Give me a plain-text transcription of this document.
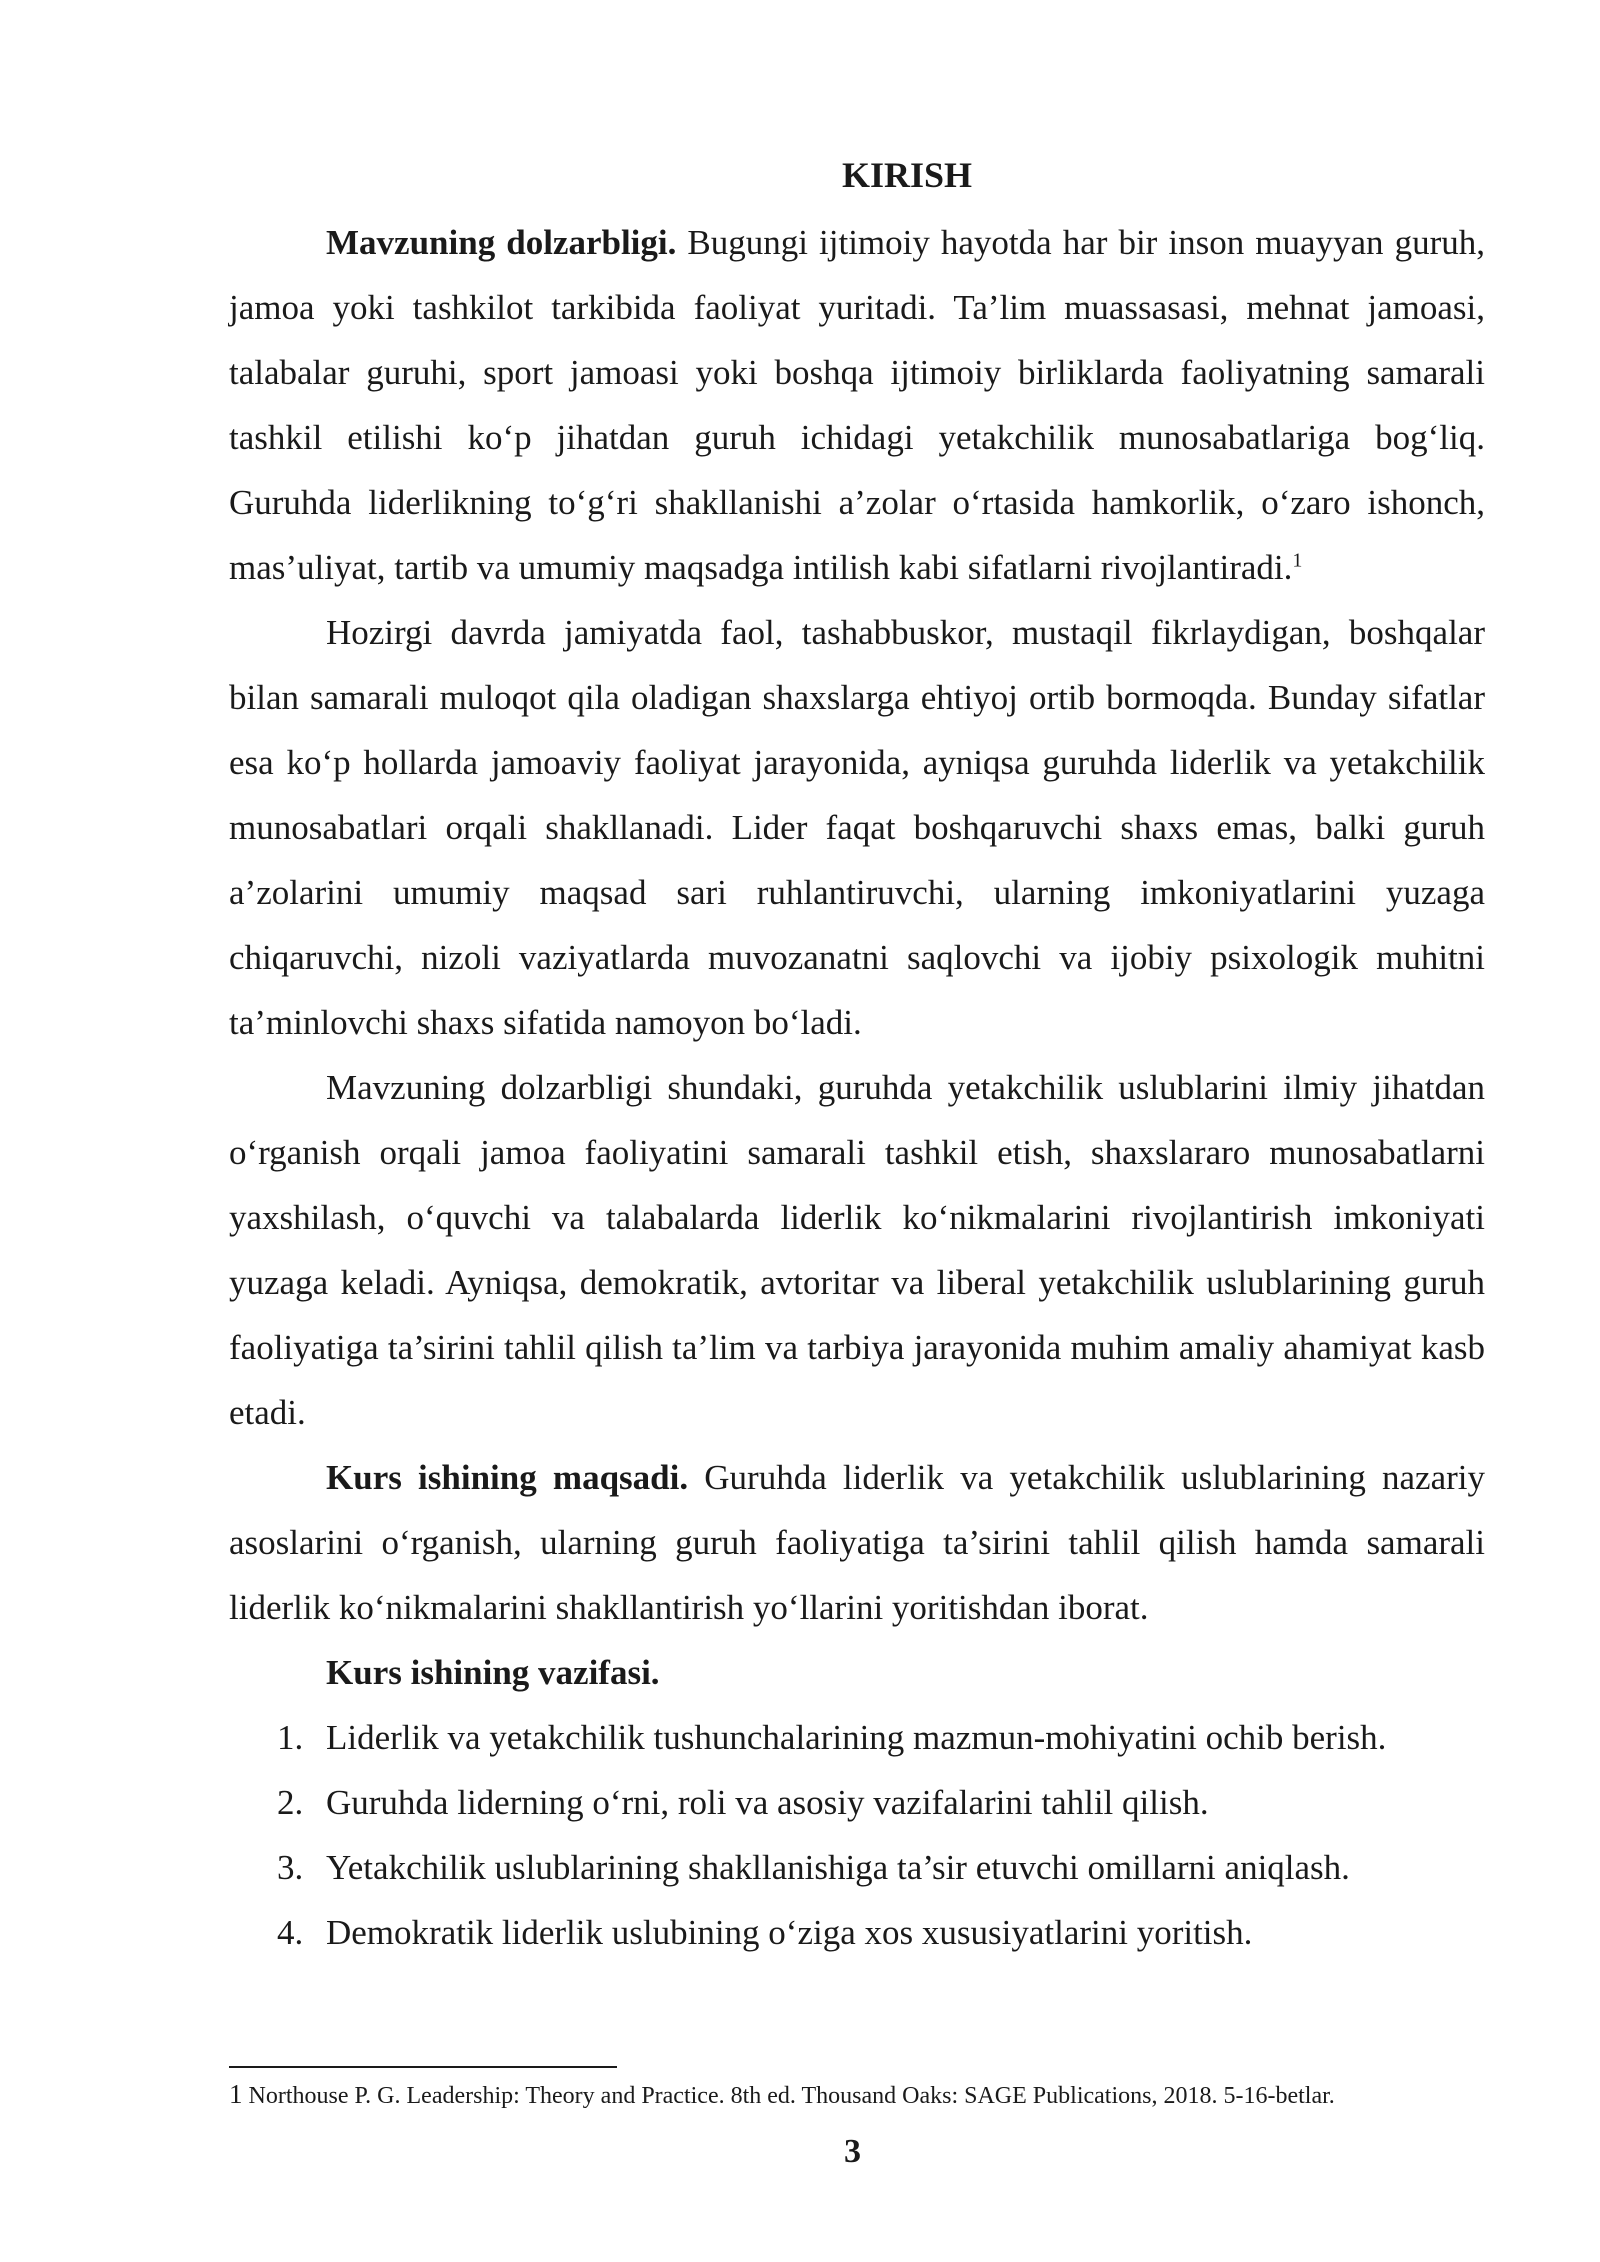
KIRISH

Mavzuning dolzarbligi. Bugungi ijtimoiy hayotda har bir inson muayyan guruh, jamoa yoki tashkilot tarkibida faoliyat yuritadi. Ta’lim muassasasi, mehnat jamoasi, talabalar guruhi, sport jamoasi yoki boshqa ijtimoiy birliklarda faoliyatning samarali tashkil etilishi ko‘p jihatdan guruh ichidagi yetakchilik munosabatlariga bog‘liq. Guruhda liderlikning to‘g‘ri shakllanishi a’zolar o‘rtasida hamkorlik, o‘zaro ishonch, mas’uliyat, tartib va umumiy maqsadga intilish kabi sifatlarni rivojlantiradi.$^1$

Hozirgi davrda jamiyatda faol, tashabbuskor, mustaqil fikrlaydigan, boshqalar bilan samarali muloqot qila oladigan shaxslarga ehtiyoj ortib bormoqda. Bunday sifatlar esa ko‘p hollarda jamoaviy faoliyat jarayonida, ayniqsa guruhda liderlik va yetakchilik munosabatlari orqali shakllanadi. Lider faqat boshqaruvchi shaxs emas, balki guruh a’zolarini umumiy maqsad sari ruhlantiruvchi, ularning imkoniyatlarini yuzaga chiqaruvchi, nizoli vaziyatlarda muvozanatni saqlovchi va ijobiy psixologik muhitni ta’minlovchi shaxs sifatida namoyon bo‘ladi.

Mavzuning dolzarbligi shundaki, guruhda yetakchilik uslublarini ilmiy jihatdan o‘rganish orqali jamoa faoliyatini samarali tashkil etish, shaxslararo munosabatlarni yaxshilash, o‘quvchi va talabalarda liderlik ko‘nikmalarini rivojlantirish imkoniyati yuzaga keladi. Ayniqsa, demokratik, avtoritar va liberal yetakchilik uslublarining guruh faoliyatiga ta’sirini tahlil qilish ta’lim va tarbiya jarayonida muhim amaliy ahamiyat kasb etadi.

Kurs ishining maqsadi. Guruhda liderlik va yetakchilik uslublarining nazariy asoslarini o‘rganish, ularning guruh faoliyatiga ta’sirini tahlil qilish hamda samarali liderlik ko‘nikmalarini shakllantirish yo‘llarini yoritishdan iborat.

Kurs ishining vazifasi.

1. Liderlik va yetakchilik tushunchalarining mazmun-mohiyatini ochib berish.
2. Guruhda liderning o‘rni, roli va asosiy vazifalarini tahlil qilish.
3. Yetakchilik uslublarining shakllanishiga ta’sir etuvchi omillarni aniqlash.
4. Demokratik liderlik uslubining o‘ziga xos xususiyatlarini yoritish.
1 Northouse P. G. Leadership: Theory and Practice. 8th ed. Thousand Oaks: SAGE Publications, 2018. 5-16-betlar.
3
